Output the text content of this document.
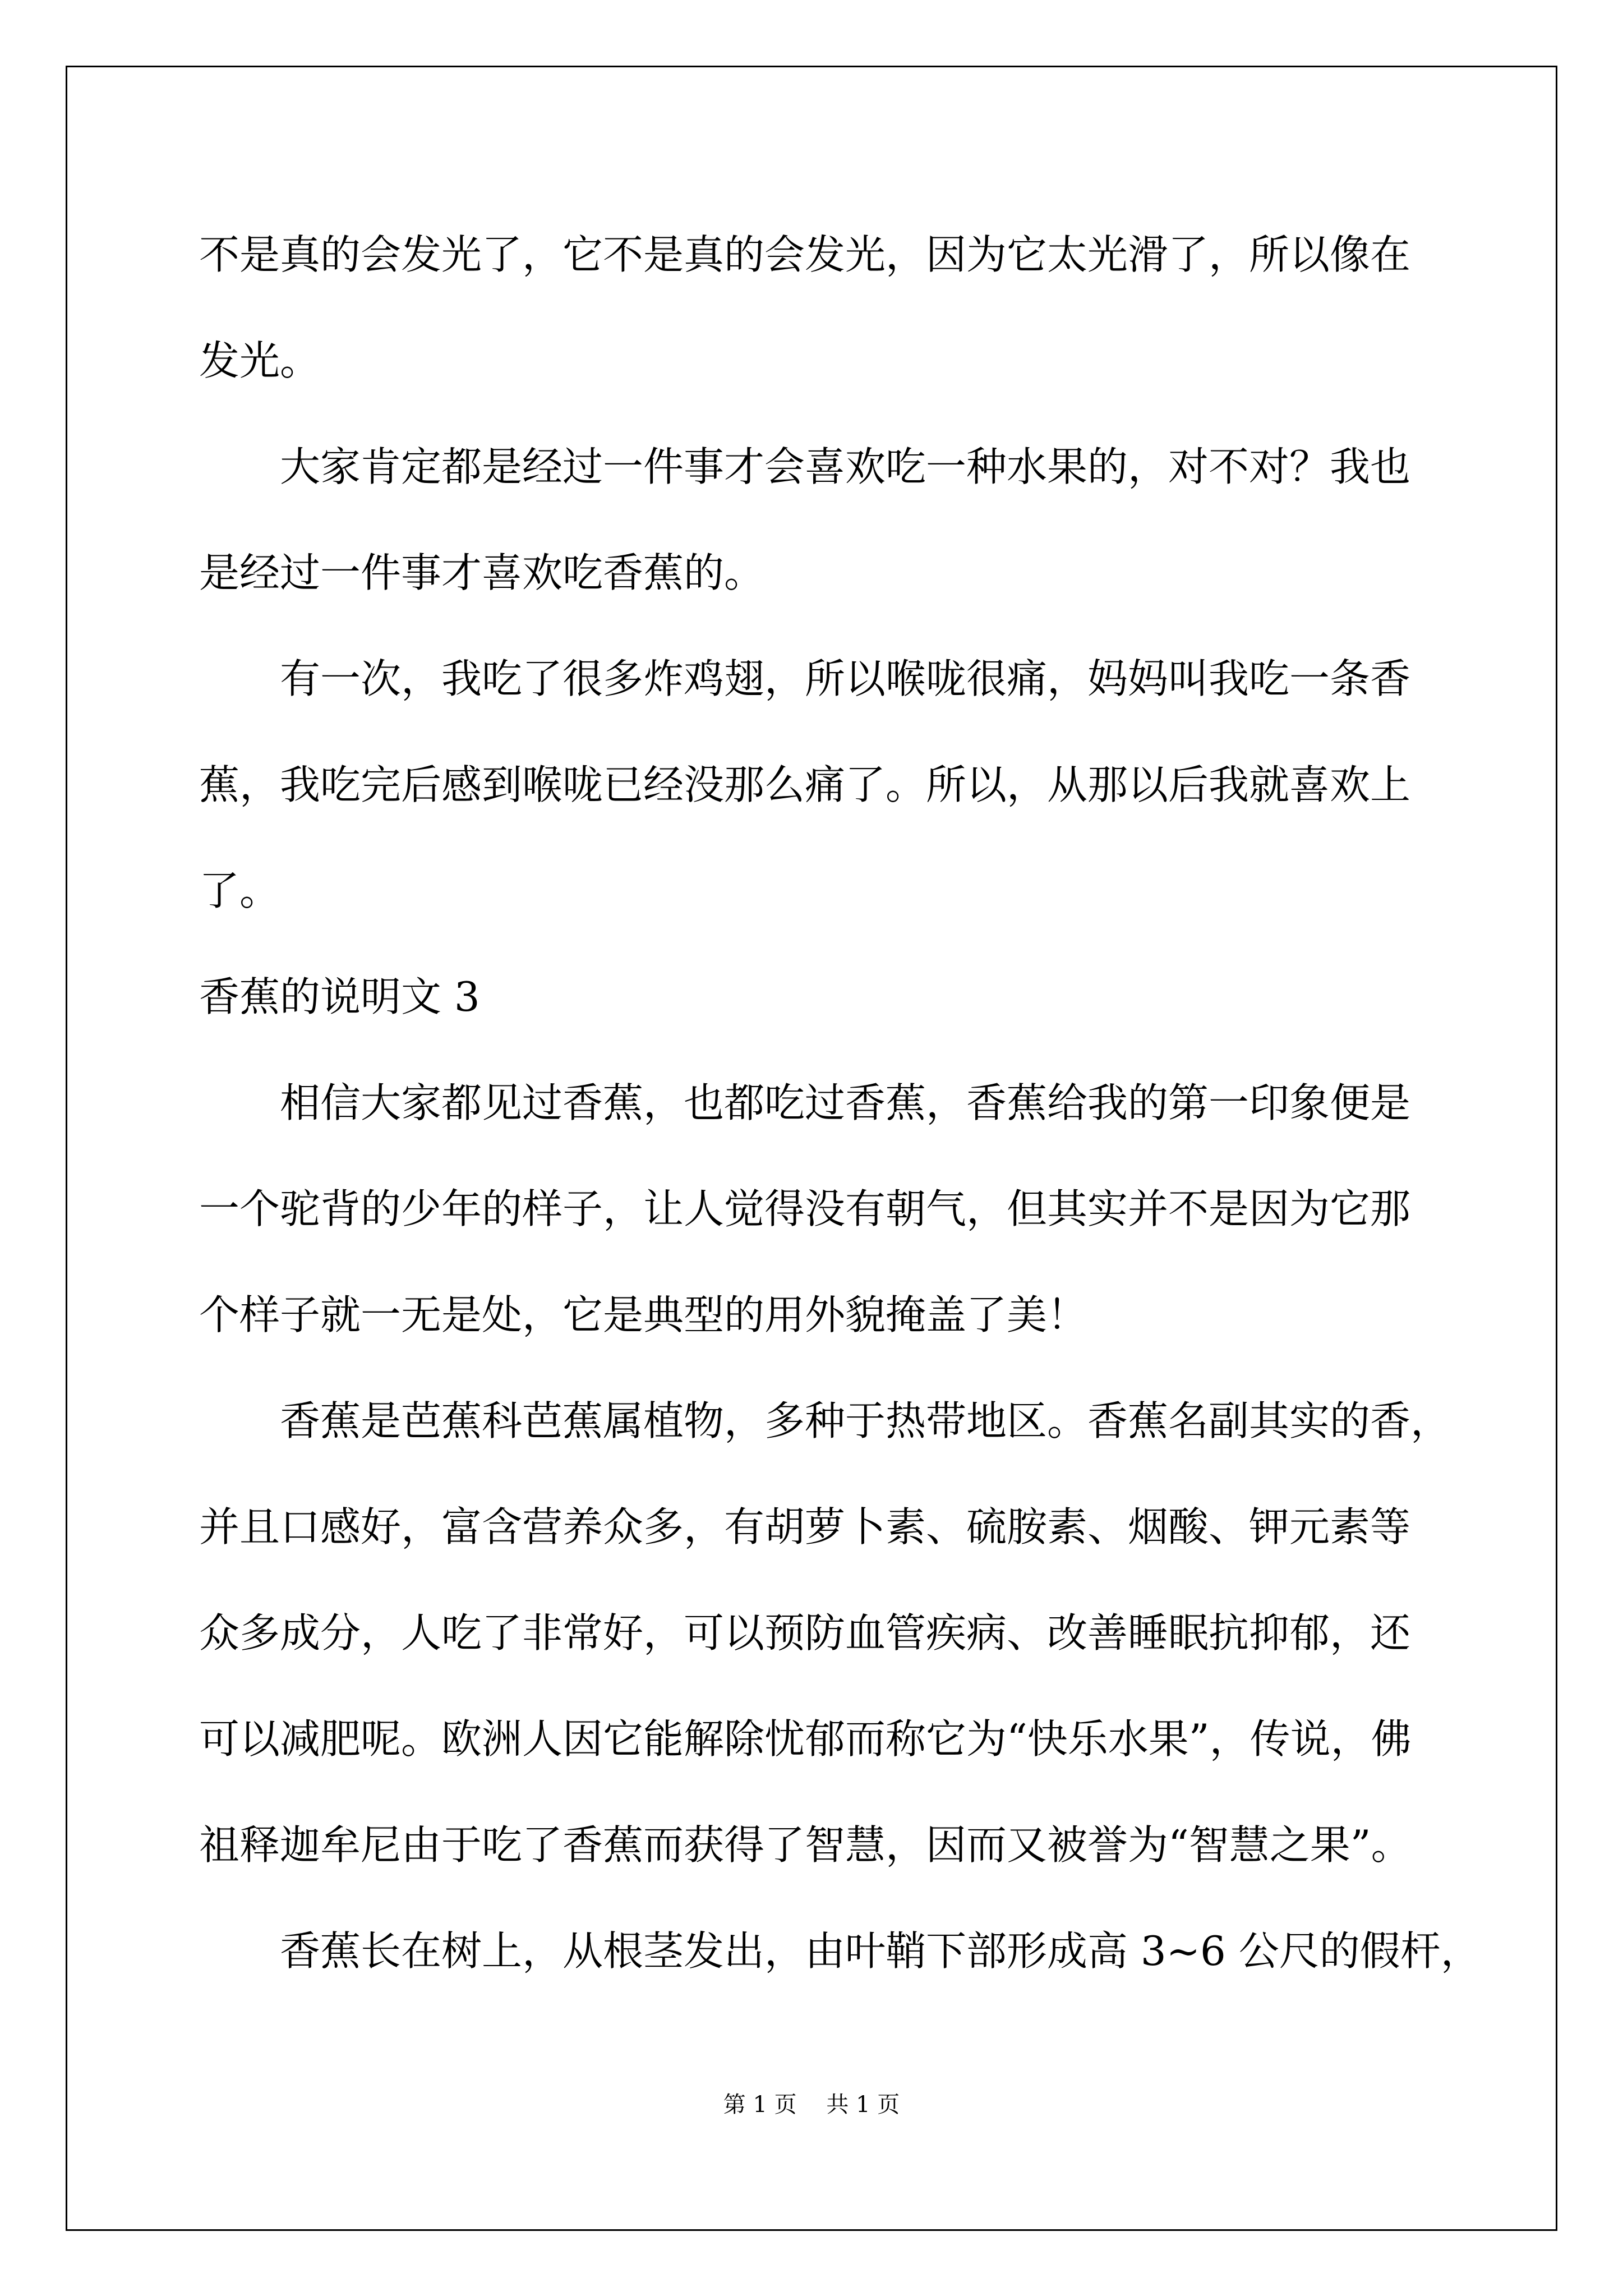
不是真的会发光了，它不是真的会发光，因为它太光滑了，所以像在

发光。

大家肯定都是经过一件事才会喜欢吃一种水果的，对不对？我也

是经过一件事才喜欢吃香蕉的。

有一次，我吃了很多炸鸡翅，所以喉咙很痛，妈妈叫我吃一条香

蕉，我吃完后感到喉咙已经没那么痛了。所以，从那以后我就喜欢上

了。

香蕉的说明文 3

相信大家都见过香蕉，也都吃过香蕉，香蕉给我的第一印象便是

一个驼背的少年的样子，让人觉得没有朝气，但其实并不是因为它那

个样子就一无是处，它是典型的用外貌掩盖了美！

香蕉是芭蕉科芭蕉属植物，多种于热带地区。香蕉名副其实的香，

并且口感好，富含营养众多，有胡萝卜素、硫胺素、烟酸、钾元素等

众多成分，人吃了非常好，可以预防血管疾病、改善睡眠抗抑郁，还

可以减肥呢。欧洲人因它能解除忧郁而称它为“快乐水果”，传说，佛

祖释迦牟尼由于吃了香蕉而获得了智慧，因而又被誉为“智慧之果”。

香蕉长在树上，从根茎发出，由叶鞘下部形成高 3~6 公尺的假杆，

第 1 页 共 1 页
